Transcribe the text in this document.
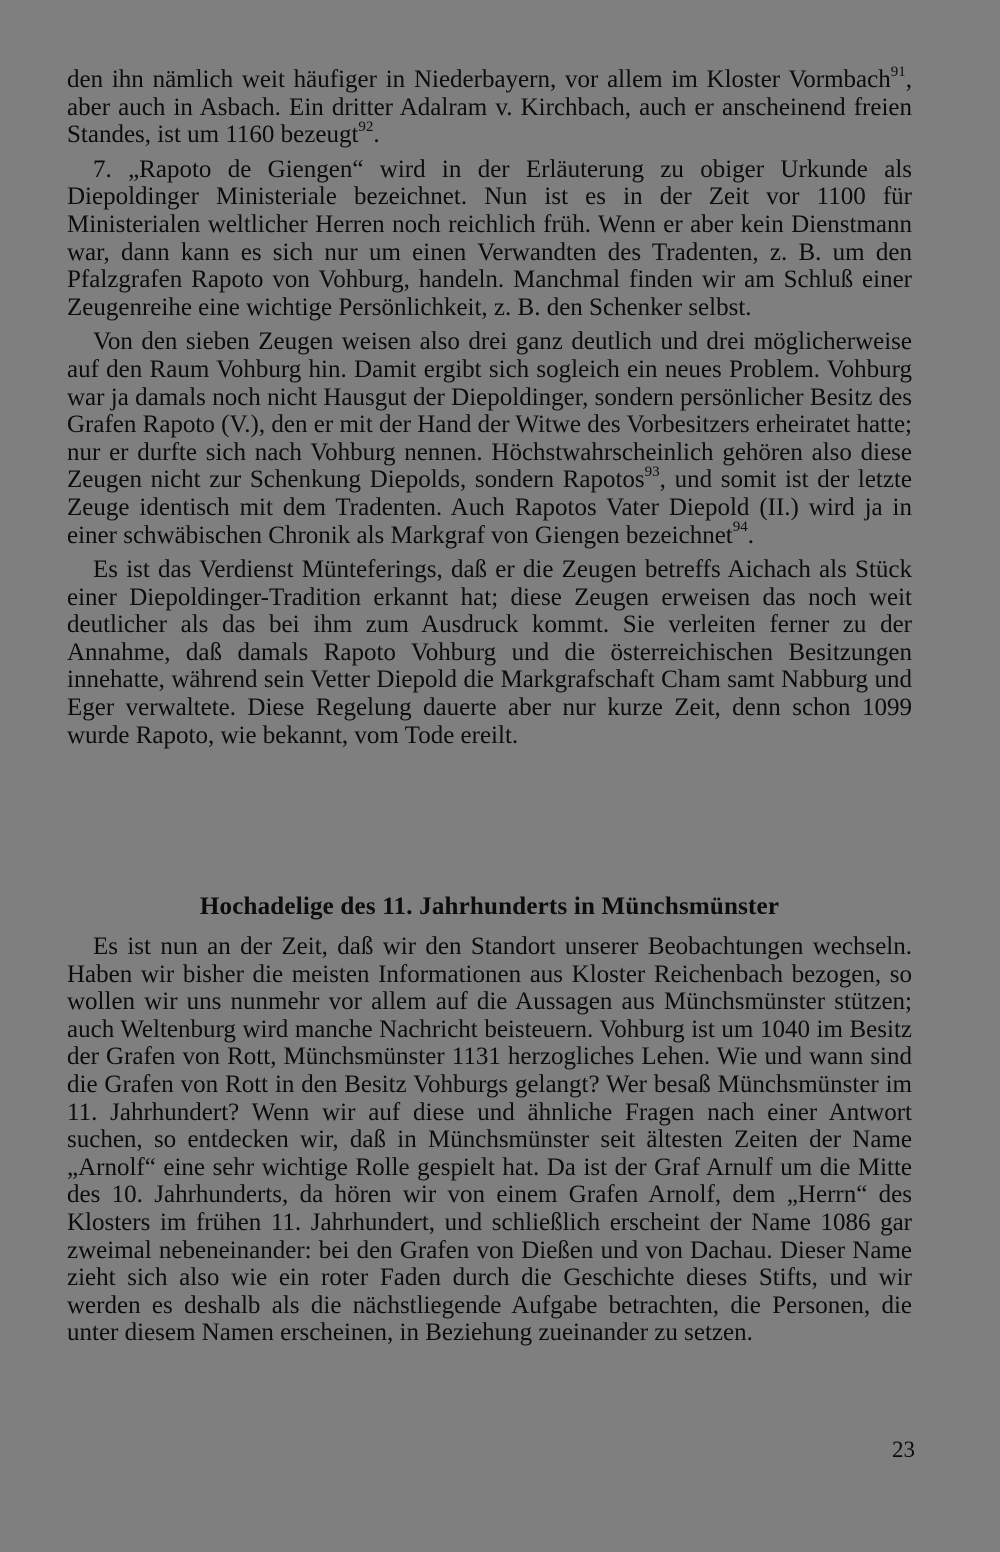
den ihn nämlich weit häufiger in Niederbayern, vor allem im Kloster Vormbach$^{91}$, aber auch in Asbach. Ein dritter Adalram v. Kirchbach, auch er anscheinend freien Standes, ist um 1160 bezeugt$^{92}$.

7. „Rapoto de Giengen“ wird in der Erläuterung zu obiger Urkunde als Diepoldinger Ministeriale bezeichnet. Nun ist es in der Zeit vor 1100 für Ministerialen weltlicher Herren noch reichlich früh. Wenn er aber kein Dienstmann war, dann kann es sich nur um einen Verwandten des Tradenten, z. B. um den Pfalzgrafen Rapoto von Vohburg, handeln. Manchmal finden wir am Schluß einer Zeugenreihe eine wichtige Persönlichkeit, z. B. den Schenker selbst.

Von den sieben Zeugen weisen also drei ganz deutlich und drei möglicherweise auf den Raum Vohburg hin. Damit ergibt sich sogleich ein neues Problem. Vohburg war ja damals noch nicht Hausgut der Diepoldinger, sondern persönlicher Besitz des Grafen Rapoto (V.), den er mit der Hand der Witwe des Vorbesitzers erheiratet hatte; nur er durfte sich nach Vohburg nennen. Höchstwahrscheinlich gehören also diese Zeugen nicht zur Schenkung Diepolds, sondern Rapotos$^{93}$, und somit ist der letzte Zeuge identisch mit dem Tradenten. Auch Rapotos Vater Diepold (II.) wird ja in einer schwäbischen Chronik als Markgraf von Giengen bezeichnet$^{94}$.

Es ist das Verdienst Münteferings, daß er die Zeugen betreffs Aichach als Stück einer Diepoldinger-Tradition erkannt hat; diese Zeugen erweisen das noch weit deutlicher als das bei ihm zum Ausdruck kommt. Sie verleiten ferner zu der Annahme, daß damals Rapoto Vohburg und die österreichischen Besitzungen innehatte, während sein Vetter Diepold die Markgrafschaft Cham samt Nabburg und Eger verwaltete. Diese Regelung dauerte aber nur kurze Zeit, denn schon 1099 wurde Rapoto, wie bekannt, vom Tode ereilt.

Hochadelige des 11. Jahrhunderts in Münchsmünster

Es ist nun an der Zeit, daß wir den Standort unserer Beobachtungen wechseln. Haben wir bisher die meisten Informationen aus Kloster Reichenbach bezogen, so wollen wir uns nunmehr vor allem auf die Aussagen aus Münchsmünster stützen; auch Weltenburg wird manche Nachricht beisteuern. Vohburg ist um 1040 im Besitz der Grafen von Rott, Münchsmünster 1131 herzogliches Lehen. Wie und wann sind die Grafen von Rott in den Besitz Vohburgs gelangt? Wer besaß Münchsmünster im 11. Jahrhundert? Wenn wir auf diese und ähnliche Fragen nach einer Antwort suchen, so entdecken wir, daß in Münchsmünster seit ältesten Zeiten der Name „Arnolf“ eine sehr wichtige Rolle gespielt hat. Da ist der Graf Arnulf um die Mitte des 10. Jahrhunderts, da hören wir von einem Grafen Arnolf, dem „Herrn“ des Klosters im frühen 11. Jahrhundert, und schließlich erscheint der Name 1086 gar zweimal nebeneinander: bei den Grafen von Dießen und von Dachau. Dieser Name zieht sich also wie ein roter Faden durch die Geschichte dieses Stifts, und wir werden es deshalb als die nächstliegende Aufgabe betrachten, die Personen, die unter diesem Namen erscheinen, in Beziehung zueinander zu setzen.

23
